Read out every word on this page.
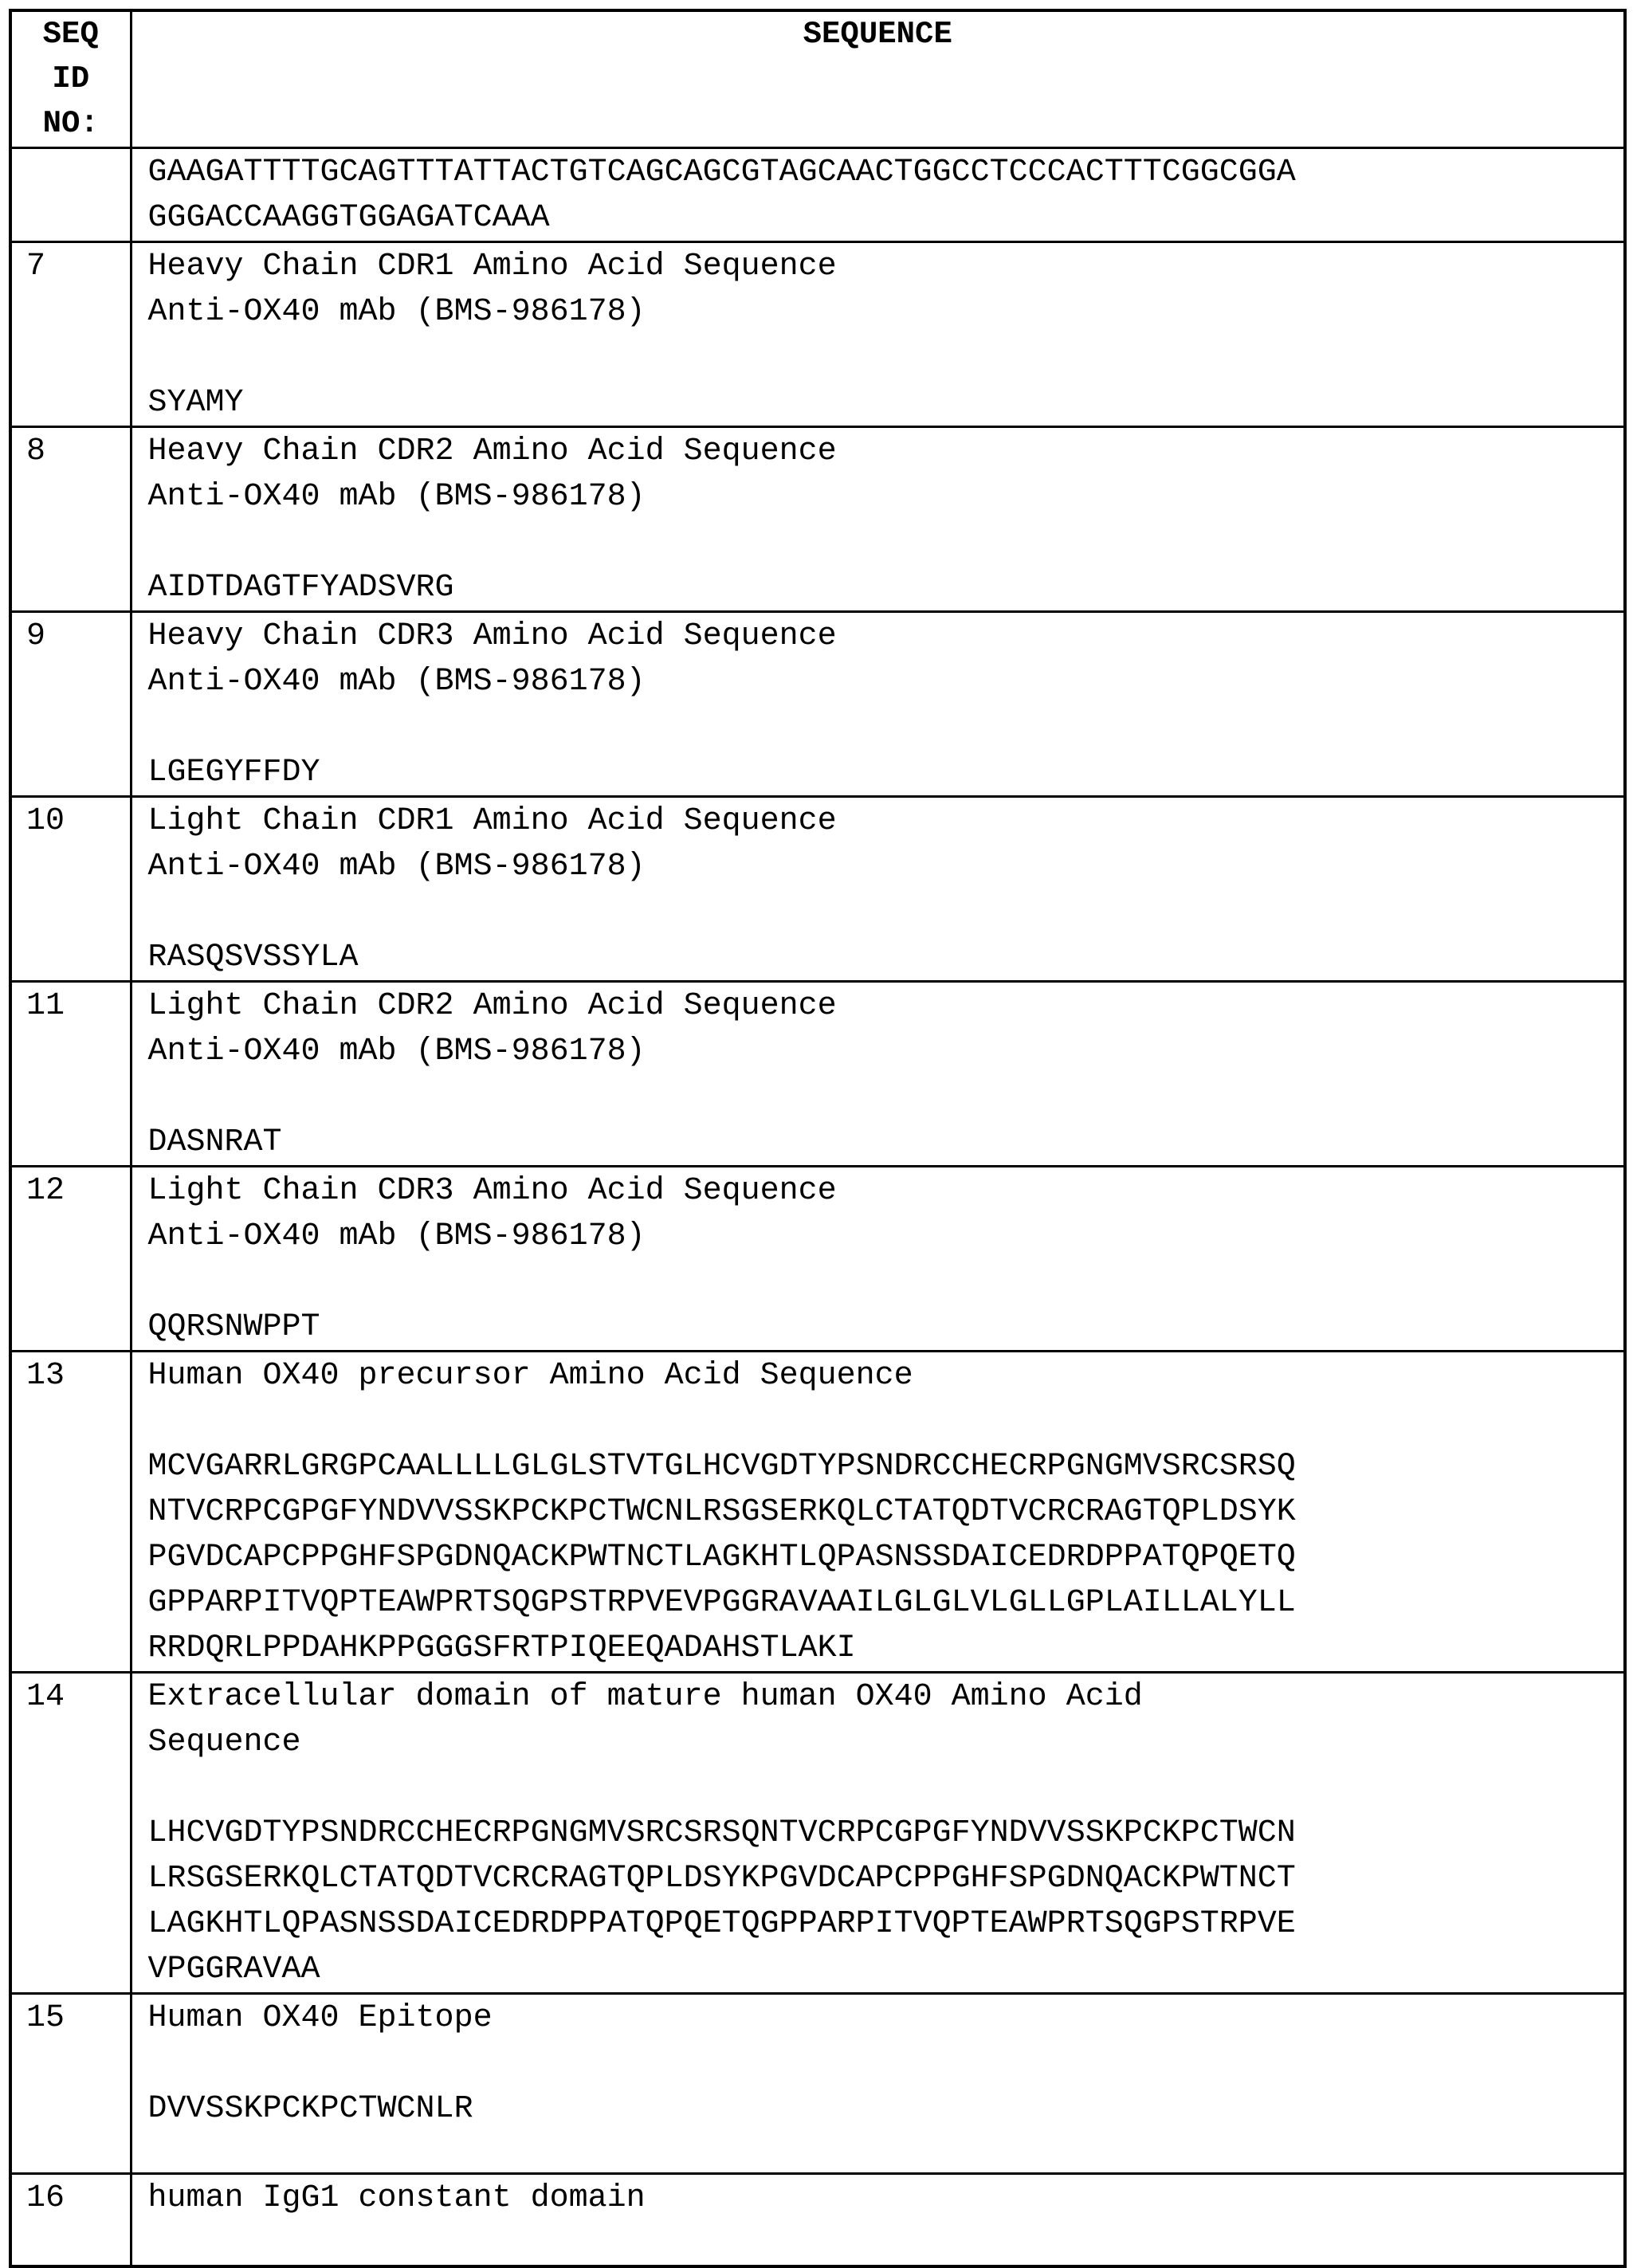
SEQ
ID
NO:	SEQUENCE

	GAAGATTTTGCAGTTTATTACTGTCAGCAGCGTAGCAACTGGCCTCCCACTTTCGGCGGA
GGGACCAAGGTGGAGATCAAA

7	Heavy Chain CDR1 Amino Acid Sequence
Anti-OX40 mAb (BMS-986178)
SYAMY

8	Heavy Chain CDR2 Amino Acid Sequence
Anti-OX40 mAb (BMS-986178)
AIDTDAGTFYADSVRG

9	Heavy Chain CDR3 Amino Acid Sequence
Anti-OX40 mAb (BMS-986178)
LGEGYFFDY

10	Light Chain CDR1 Amino Acid Sequence
Anti-OX40 mAb (BMS-986178)
RASQSVSSYLA

11	Light Chain CDR2 Amino Acid Sequence
Anti-OX40 mAb (BMS-986178)
DASNRAT

12	Light Chain CDR3 Amino Acid Sequence
Anti-OX40 mAb (BMS-986178)
QQRSNWPPT

13	Human OX40 precursor Amino Acid Sequence
MCVGARRLGRGPCAALLLLGLGLSTVTGLHCVGDTYPSNDRCCHECRPGNGMVSRCSRSQ
NTVCRPCGPGFYNDVVSSKPCKPCTWCNLRSGSERKQLCTATQDTVCRCRAGTQPLDSYK
PGVDCAPCPPGHFSPGDNQACKPWTNCTLAGKHTLQPASNSSDAICEDRDPPATQPQETQ
GPPARPITVQPTEAWPRTSQGPSTRPVEVPGGRAVAAILGLGLVLGLLGPLAILLALYLL
RRDQRLPPDAHKPPGGGSFRTPIQEEQADAHSTLAKI

14	Extracellular domain of mature human OX40 Amino Acid
Sequence
LHCVGDTYPSNDRCCHECRPGNGMVSRCSRSQNTVCRPCGPGFYNDVVSSKPCKPCTWCN
LRSGSERKQLCTATQDTVCRCRAGTQPLDSYKPGVDCAPCPPGHFSPGDNQACKPWTNCT
LAGKHTLQPASNSSDAICEDRDPPATQPQETQGPPARPITVQPTEAWPRTSQGPSTRPVE
VPGGRAVAA

15	Human OX40 Epitope
DVVSSKPCKPCTWCNLR

16	human IgG1 constant domain
